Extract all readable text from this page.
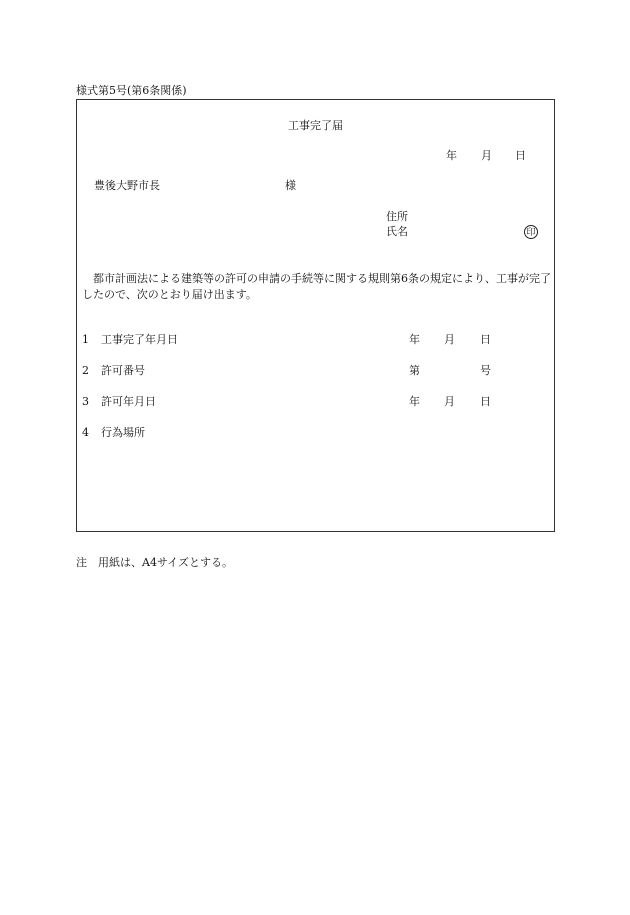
様式第5号(第6条関係)
工事完了届
年 月 日
豊後大野市長	様
住所
氏名	印
　都市計画法による建築等の許可の申請の手続等に関する規則第6条の規定により、工事が完了したので、次のとおり届け出ます。
1 工事完了年月日	年 月 日
2 許可番号	第	号
3 許可年月日	年 月 日
4 行為場所
注　用紙は、A4サイズとする。
